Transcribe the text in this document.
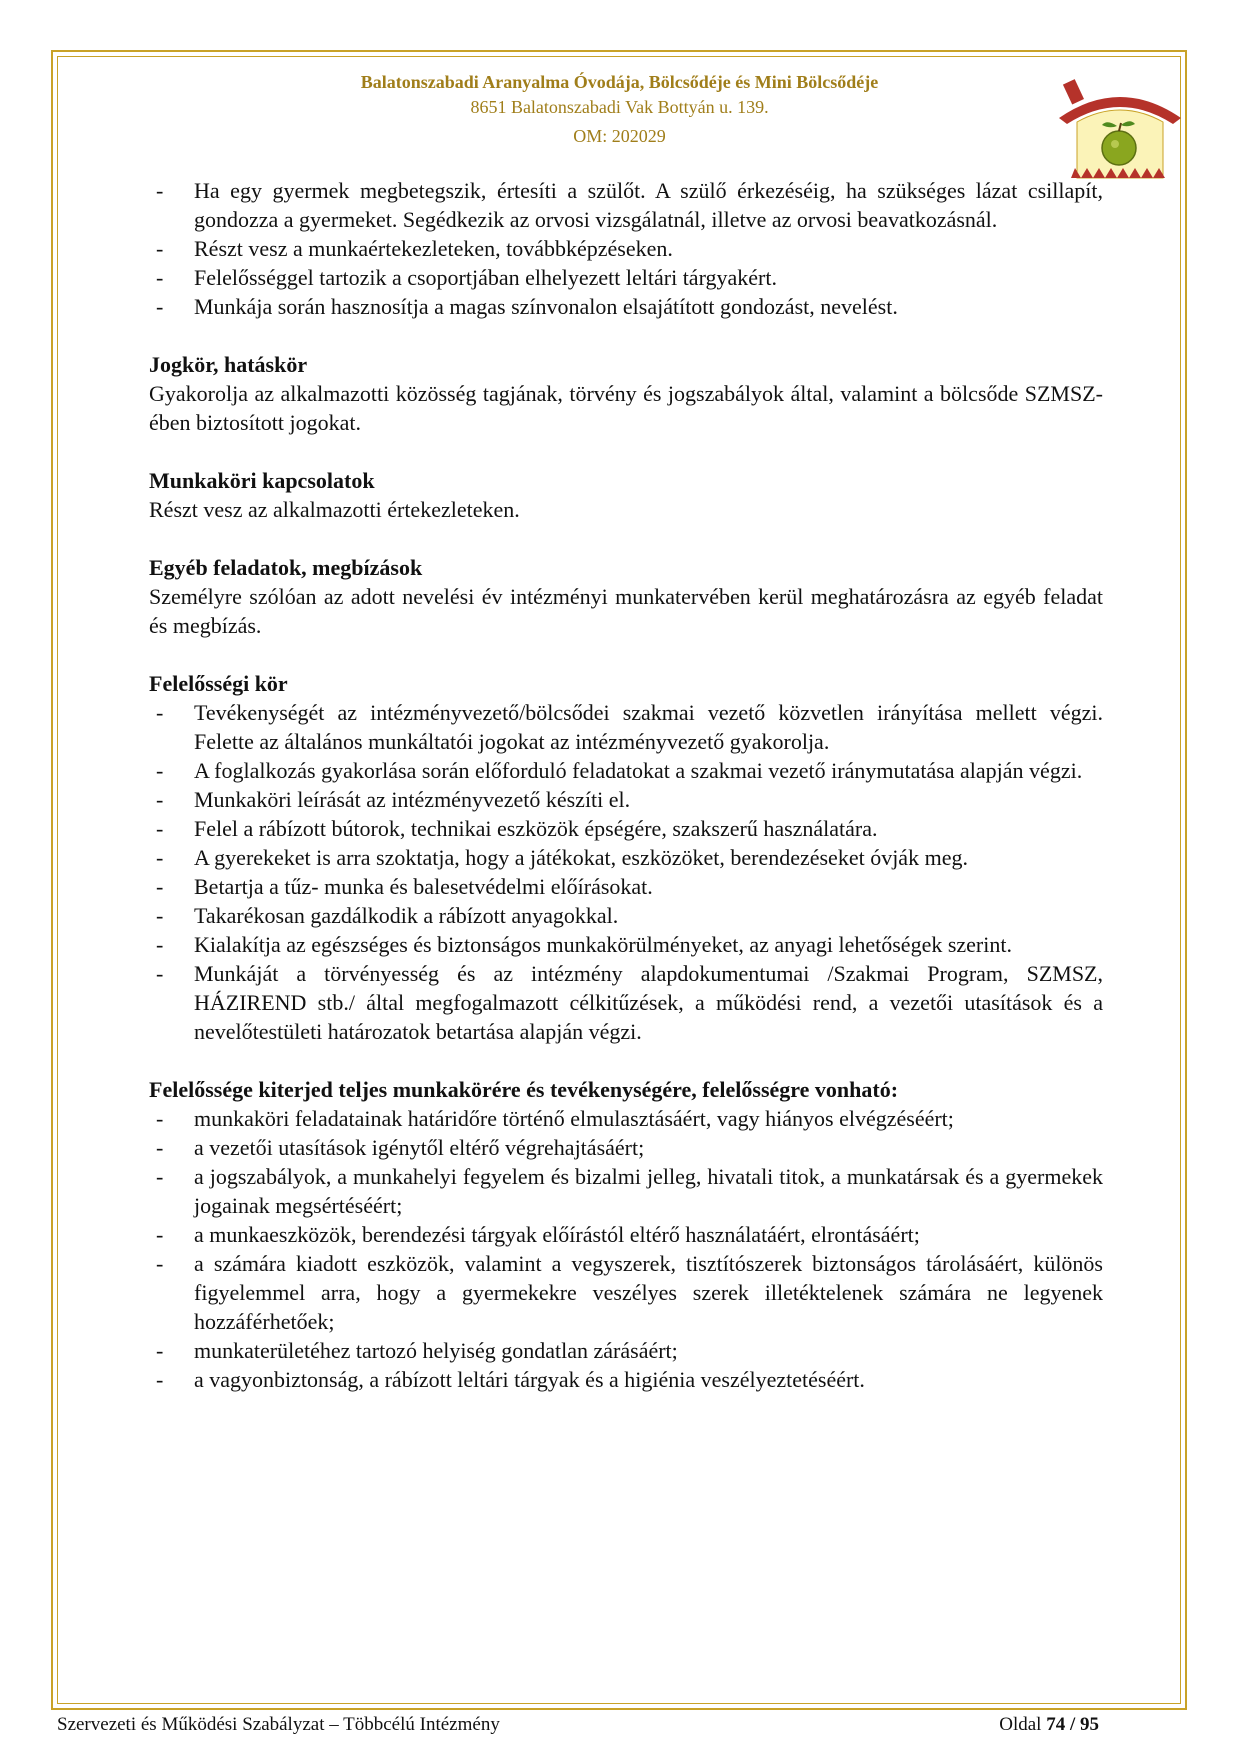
Balatonszabadi Aranyalma Óvodája, Bölcsődéje és Mini Bölcsődéje
8651 Balatonszabadi Vak Bottyán u. 139.
OM: 202029
- Ha egy gyermek megbetegszik, értesíti a szülőt. A szülő érkezéséig, ha szükséges lázat csillapít, gondozza a gyermeket. Segédkezik az orvosi vizsgálatnál, illetve az orvosi beavatkozásnál.
- Részt vesz a munkaértekezleteken, továbbképzéseken.
- Felelősséggel tartozik a csoportjában elhelyezett leltári tárgyakért.
- Munkája során hasznosítja a magas színvonalon elsajátított gondozást, nevelést.

Jogkör, hatáskör

Gyakorolja az alkalmazotti közösség tagjának, törvény és jogszabályok által, valamint a bölcsőde SZMSZ-ében biztosított jogokat.

Munkaköri kapcsolatok

Részt vesz az alkalmazotti értekezleteken.

Egyéb feladatok, megbízások

Személyre szólóan az adott nevelési év intézményi munkatervében kerül meghatározásra az egyéb feladat és megbízás.

Felelősségi kör

- Tevékenységét az intézményvezető/bölcsődei szakmai vezető közvetlen irányítása mellett végzi. Felette az általános munkáltatói jogokat az intézményvezető gyakorolja.
- A foglalkozás gyakorlása során előforduló feladatokat a szakmai vezető iránymutatása alapján végzi.
- Munkaköri leírását az intézményvezető készíti el.
- Felel a rábízott bútorok, technikai eszközök épségére, szakszerű használatára.
- A gyerekeket is arra szoktatja, hogy a játékokat, eszközöket, berendezéseket óvják meg.
- Betartja a tűz- munka és balesetvédelmi előírásokat.
- Takarékosan gazdálkodik a rábízott anyagokkal.
- Kialakítja az egészséges és biztonságos munkakörülményeket, az anyagi lehetőségek szerint.
- Munkáját a törvényesség és az intézmény alapdokumentumai /Szakmai Program, SZMSZ, HÁZIREND stb./ által megfogalmazott célkitűzések, a működési rend, a vezetői utasítások és a nevelőtestületi határozatok betartása alapján végzi.

Felelőssége kiterjed teljes munkakörére és tevékenységére, felelősségre vonható:

- munkaköri feladatainak határidőre történő elmulasztásáért, vagy hiányos elvégzéséért;
- a vezetői utasítások igénytől eltérő végrehajtásáért;
- a jogszabályok, a munkahelyi fegyelem és bizalmi jelleg, hivatali titok, a munkatársak és a gyermekek jogainak megsértéséért;
- a munkaeszközök, berendezési tárgyak előírástól eltérő használatáért, elrontásáért;
- a számára kiadott eszközök, valamint a vegyszerek, tisztítószerek biztonságos tárolásáért, különös figyelemmel arra, hogy a gyermekekre veszélyes szerek illetéktelenek számára ne legyenek hozzáférhetőek;
- munkaterületéhez tartozó helyiség gondatlan zárásáért;
- a vagyonbiztonság, a rábízott leltári tárgyak és a higiénia veszélyeztetéséért.
Szervezeti és Működési Szabályzat – Többcélú Intézmény	Oldal 74 / 95
